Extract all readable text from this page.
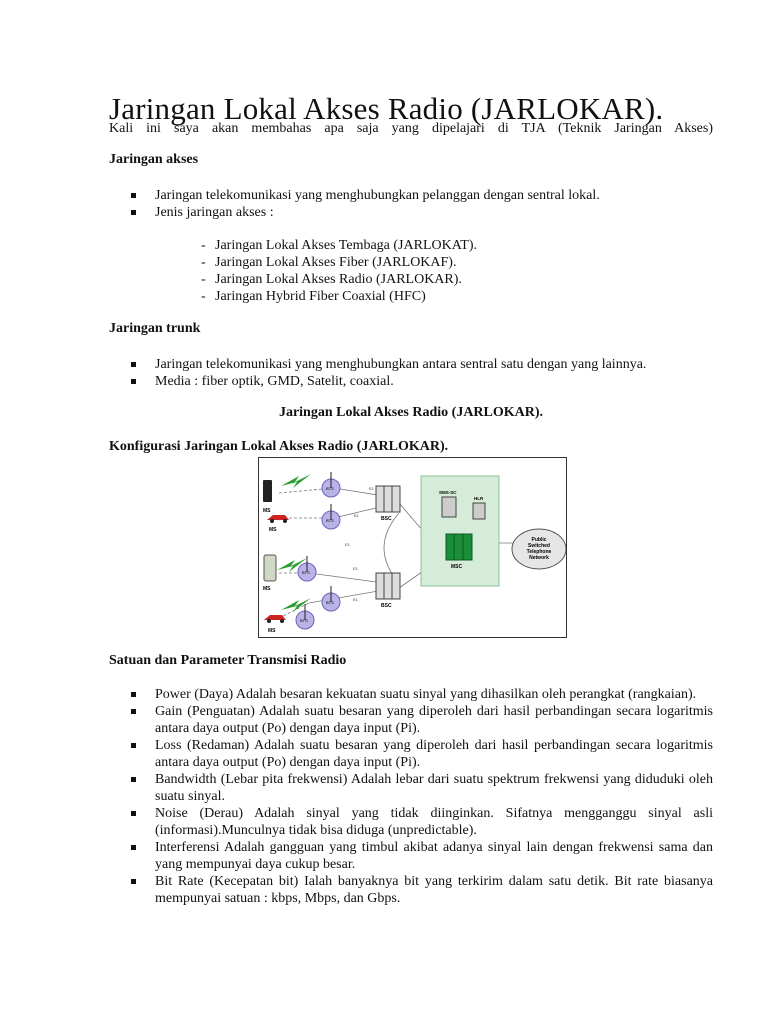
Jaringan Lokal Akses Radio (JARLOKAR).
Kali ini saya akan membahas apa saja yang dipelajari di TJA (Teknik Jaringan Akses)
Jaringan akses
Jaringan telekomunikasi yang menghubungkan pelanggan dengan sentral lokal.
Jenis jaringan akses :
- Jaringan Lokal Akses Tembaga (JARLOKAT).
- Jaringan Lokal Akses Fiber (JARLOKAF).
- Jaringan Lokal Akses Radio (JARLOKAR).
- Jaringan Hybrid Fiber Coaxial (HFC)
Jaringan trunk
Jaringan telekomunikasi yang menghubungkan antara sentral satu dengan yang lainnya.
Media : fiber optik, GMD, Satelit, coaxial.
Jaringan Lokal Akses Radio (JARLOKAR).
Konfigurasi Jaringan Lokal Akses Radio (JARLOKAR).
Satuan dan Parameter Transmisi Radio
Power (Daya) Adalah besaran kekuatan suatu sinyal yang dihasilkan oleh perangkat (rangkaian).
Gain (Penguatan) Adalah suatu besaran yang diperoleh dari hasil perbandingan secara logaritmis antara daya output (Po) dengan daya input (Pi).
Loss (Redaman) Adalah suatu besaran yang diperoleh dari hasil perbandingan secara logaritmis antara daya output (Po) dengan daya input (Pi).
Bandwidth (Lebar pita frekwensi) Adalah lebar dari suatu spektrum frekwensi yang diduduki oleh suatu sinyal.
Noise (Derau) Adalah sinyal yang tidak diinginkan. Sifatnya mengganggu sinyal asli (informasi).Munculnya tidak bisa diduga (unpredictable).
Interferensi Adalah gangguan yang timbul akibat adanya sinyal lain dengan frekwensi sama dan yang mempunyai daya cukup besar.
Bit Rate (Kecepatan bit) Ialah banyaknya bit yang terkirim dalam satu detik. Bit rate biasanya mempunyai satuan : kbps, Mbps, dan Gbps.
MS
MS
MS
MS
BTS
BTS
BTS
BTS
BTS
E1
E1
E1
E1
E1
BSC
BSC
SMS-SC
HLR
MSC
Public
Switched
Telephone
Network
